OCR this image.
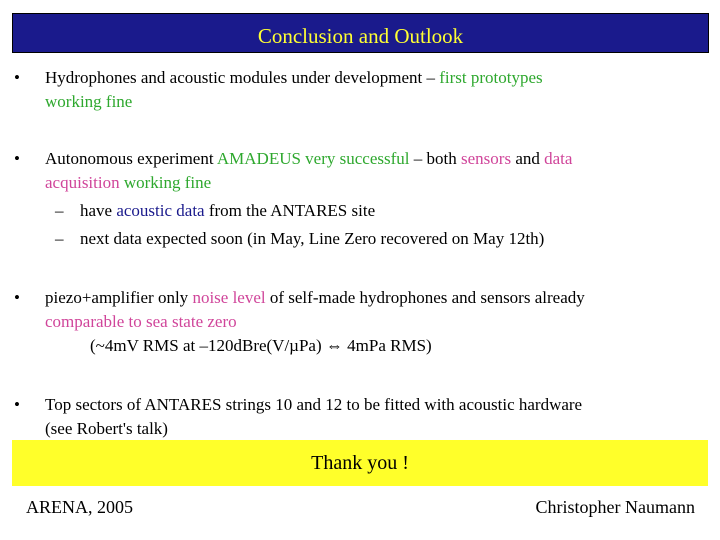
Conclusion and Outlook
•	Hydrophones and acoustic modules under development – first prototypes
working fine
•	Autonomous experiment AMADEUS very successful – both sensors and data
acquisition working fine
– have acoustic data from the ANTARES site
– next data expected soon (in May, Line Zero recovered on May 12th)
•	piezo+amplifier only noise level of self-made hydrophones and sensors already
comparable to sea state zero
(~4mV RMS at –120dBre(V/µPa) ⇔ 4mPa RMS)
•	Top sectors of ANTARES strings 10 and 12 to be fitted with acoustic hardware
(see Robert's talk)
Thank you !
ARENA, 2005	Christopher Naumann
